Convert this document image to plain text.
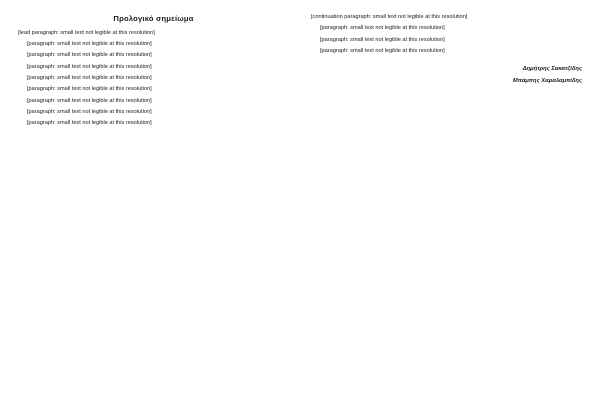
Προλογικό σημείωμα

[lead paragraph: small text not legible at this resolution]

[paragraph: small text not legible at this resolution]

[paragraph: small text not legible at this resolution]

[paragraph: small text not legible at this resolution]

[paragraph: small text not legible at this resolution]

[paragraph: small text not legible at this resolution]

[paragraph: small text not legible at this resolution]

[paragraph: small text not legible at this resolution]

[paragraph: small text not legible at this resolution]

[continuation paragraph: small text not legible at this resolution]

[paragraph: small text not legible at this resolution]

[paragraph: small text not legible at this resolution]

[paragraph: small text not legible at this resolution]

Δημήτρης Σακατζίδης
Μπάμπης Χαραλαμπίδης
